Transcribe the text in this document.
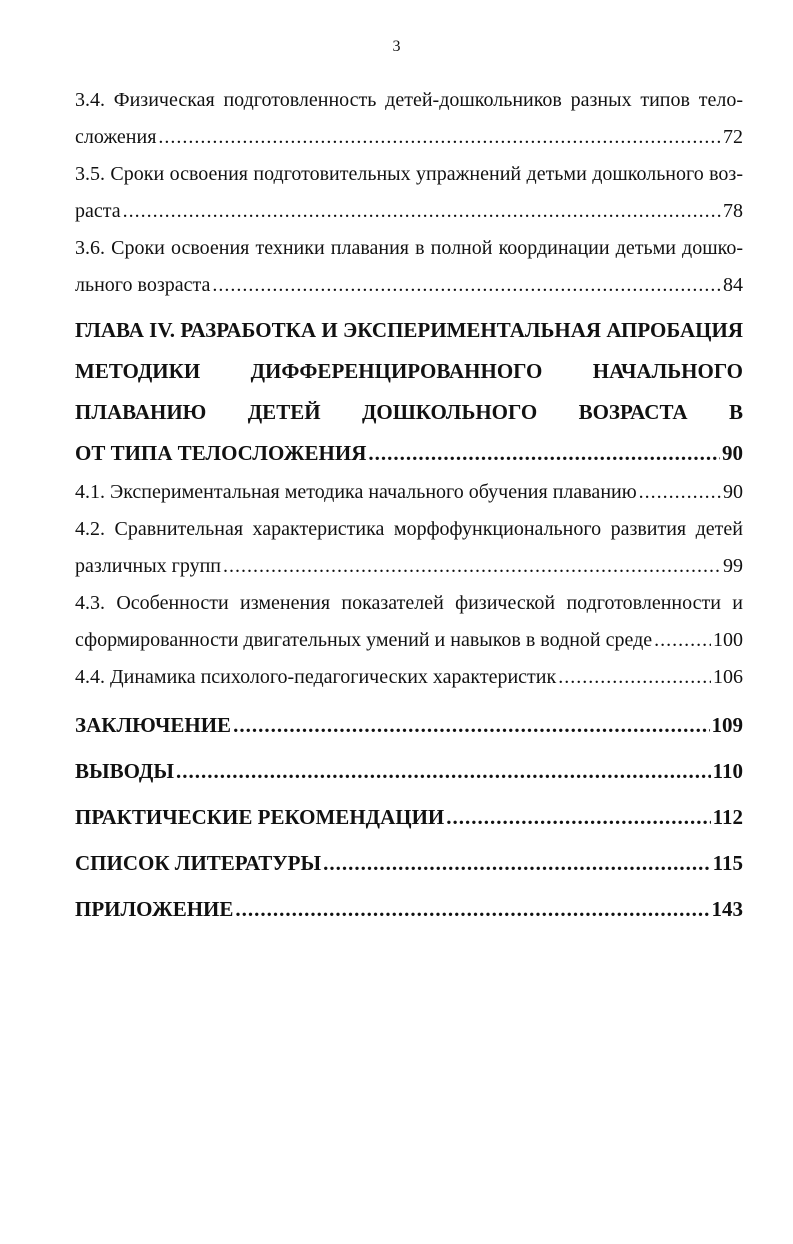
3
3.4. Физическая подготовленность детей-дошкольников разных типов тело-
сложения .....	72
3.5. Сроки освоения подготовительных упражнений детьми дошкольного воз-
раста .....	78
3.6. Сроки освоения техники плавания в полной координации детьми дошко-
льного возраста .....	84
ГЛАВА IV. РАЗРАБОТКА И ЭКСПЕРИМЕНТАЛЬНАЯ АПРОБАЦИЯ
МЕТОДИКИ ДИФФЕРЕНЦИРОВАННОГО НАЧАЛЬНОГО
ПЛАВАНИЮ ДЕТЕЙ ДОШКОЛЬНОГО ВОЗРАСТА В
ОТ ТИПА ТЕЛОСЛОЖЕНИЯ .....	90
4.1. Экспериментальная методика начального обучения плаванию .....	90
4.2. Сравнительная характеристика морфофункционального развития детей
различных групп .....	99
4.3. Особенности изменения показателей физической подготовленности и
сформированности двигательных умений и навыков в водной среде .....	100
4.4. Динамика психолого-педагогических характеристик .....	106
ЗАКЛЮЧЕНИЕ .....	109
ВЫВОДЫ .....	110
ПРАКТИЧЕСКИЕ РЕКОМЕНДАЦИИ .....	112
СПИСОК ЛИТЕРАТУРЫ .....	115
ПРИЛОЖЕНИЕ .....	143
